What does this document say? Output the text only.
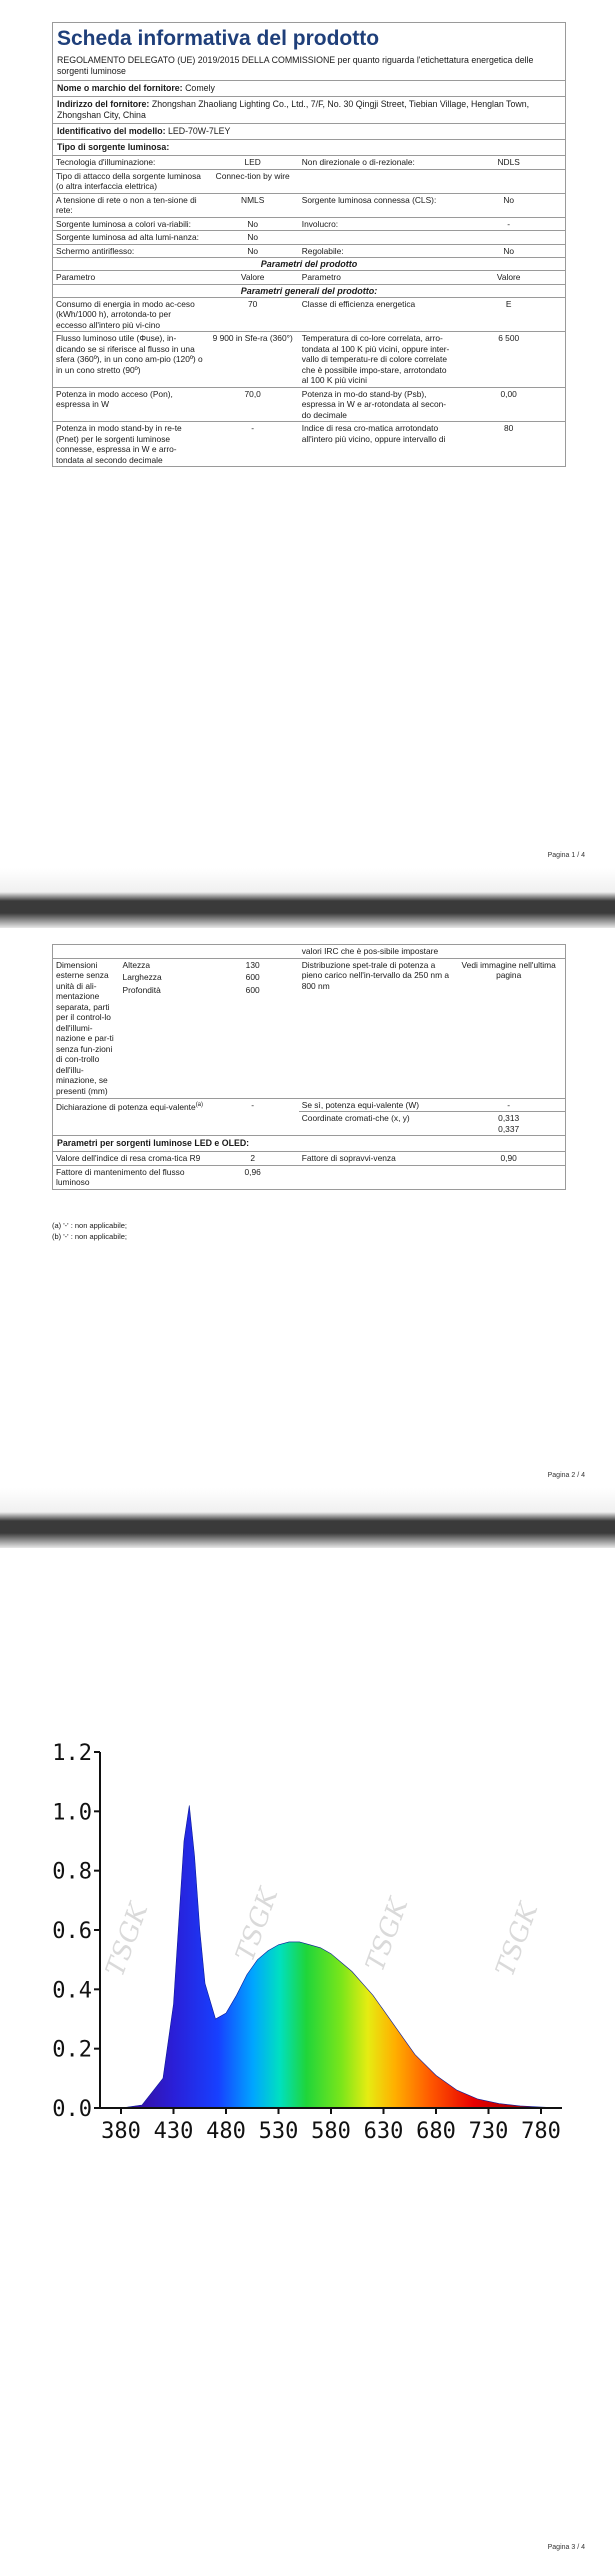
Scheda informativa del prodotto
REGOLAMENTO DELEGATO (UE) 2019/2015 DELLA COMMISSIONE per quanto riguarda l'etichettatura energetica delle sorgenti luminose
Nome o marchio del fornitore: Comely
Indirizzo del fornitore: Zhongshan Zhaoliang Lighting Co., Ltd., 7/F, No. 30 Qingji Street, Tiebian Village, Henglan Town, Zhongshan City, China
Identificativo del modello: LED-70W-7LEY
Tipo di sorgente luminosa:
Tecnologia d'illuminazione:	LED	Non direzionale o di-rezionale:	NDLS
Tipo di attacco della sorgente luminosa
(o altra interfaccia elettrica)	Connec-tion by wire		
A tensione di rete o non a ten-sione di rete:	NMLS	Sorgente luminosa connessa (CLS):	No
Sorgente luminosa a colori va-riabili:	No	Involucro:	-
Sorgente luminosa ad alta lumi-nanza:	No		
Schermo antiriflesso:	No	Regolabile:	No
Parametri del prodotto
Parametro	Valore	Parametro	Valore
Parametri generali del prodotto:
Consumo di energia in modo ac-ceso (kWh/1000 h), arrotonda-to per eccesso all'intero più vi-cino	70	Classe di efficienza energetica	E
Flusso luminoso utile (Φuse), in-dicando se si riferisce al flusso in una sfera (360º), in un cono am-pio (120º) o in un cono stretto (90º)	9 900 in Sfe-ra (360°)	Temperatura di co-lore correlata, arro-tondata al 100 K più vicini, oppure inter-vallo di temperatu-re di colore correlate che è possibile impo-stare, arrotondato al 100 K più vicini	6 500
Potenza in modo acceso (Pon), espressa in W	70,0	Potenza in mo-do stand-by (Psb), espressa in W e ar-rotondata al secon-do decimale	0,00
Potenza in modo stand-by in re-te (Pnet) per le sorgenti luminose connesse, espressa in W e arro-tondata al secondo decimale	-	Indice di resa cro-matica arrotondato all'intero più vicino, oppure intervallo di	80
Pagina 1 / 4
			valori IRC che è pos-sibile impostare	
Dimensioni esterne senza unità di ali-mentazione separata, parti per il control-lo dell'illumi-nazione e par-ti senza fun-zioni di con-trollo dell'illu-minazione, se presenti (mm)	Altezza	130	Distribuzione spet-trale di potenza a pieno carico nell'in-tervallo da 250 nm a 800 nm	Vedi immagine nell'ultima pagina
	Larghezza	600		
	Profondità	600		
Dichiarazione di potenza equi-valente$^{(a)}$		-	Se sì, potenza equi-valente (W)	-
			Coordinate cromati-che (x, y)	0,313
0,337
Parametri per sorgenti luminose LED e OLED:
Valore dell'indice di resa croma-tica R9	2	Fattore di sopravvi-venza	0,90
Fattore di mantenimento del flusso luminoso	0,96		
(a) '-' : non applicabile;
(b) '-' : non applicabile;
Pagina 2 / 4
TSGK	TSGK	TSGK	TSGK
0.0
0.2
0.4
0.6
0.8
1.0
1.2
380 430 480 530 580 630 680 730 780
Pagina 3 / 4
